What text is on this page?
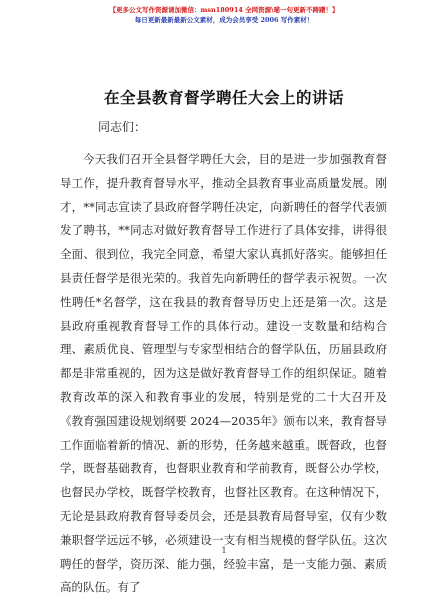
【更多公文写作资源请加微信：msn180914 全网资源\喵一句更新不踌躇！】
每日更新最新最新公文素材，成为会员享受 2006 写作素材！
在全县教育督学聘任大会上的讲话
同志们：
今天我们召开全县督学聘任大会，目的是进一步加强教育督导工作，提升教育督导水平，推动全县教育事业高质量发展。刚才，**同志宣读了县政府督学聘任决定，向新聘任的督学代表颁发了聘书，**同志对做好教育督导工作进行了具体安排，讲得很全面、很到位，我完全同意，希望大家认真抓好落实。能够担任县责任督学是很光荣的。我首先向新聘任的督学表示祝贺。一次性聘任*名督学，这在我县的教育督导历史上还是第一次。这是县政府重视教育督导工作的具体行动。建设一支数量和结构合理、素质优良、管理型与专家型相结合的督学队伍，历届县政府都是非常重视的，因为这是做好教育督导工作的组织保证。随着教育改革的深入和教育事业的发展，特别是党的二十大召开及《教育强国建设规划纲要 2024—2035年》颁布以来，教育督导工作面临着新的情况、新的形势，任务越来越重。既督政，也督学，既督基础教育，也督职业教育和学前教育，既督公办学校，也督民办学校，既督学校教育，也督社区教育。在这种情况下，无论是县政府教育督导委员会，还是县教育局督导室，仅有少数兼职督学远远不够，必须建设一支有相当规模的督学队伍。这次聘任的督学，资历深、能力强，经验丰富，是一支能力强、素质高的队伍。有了
1
